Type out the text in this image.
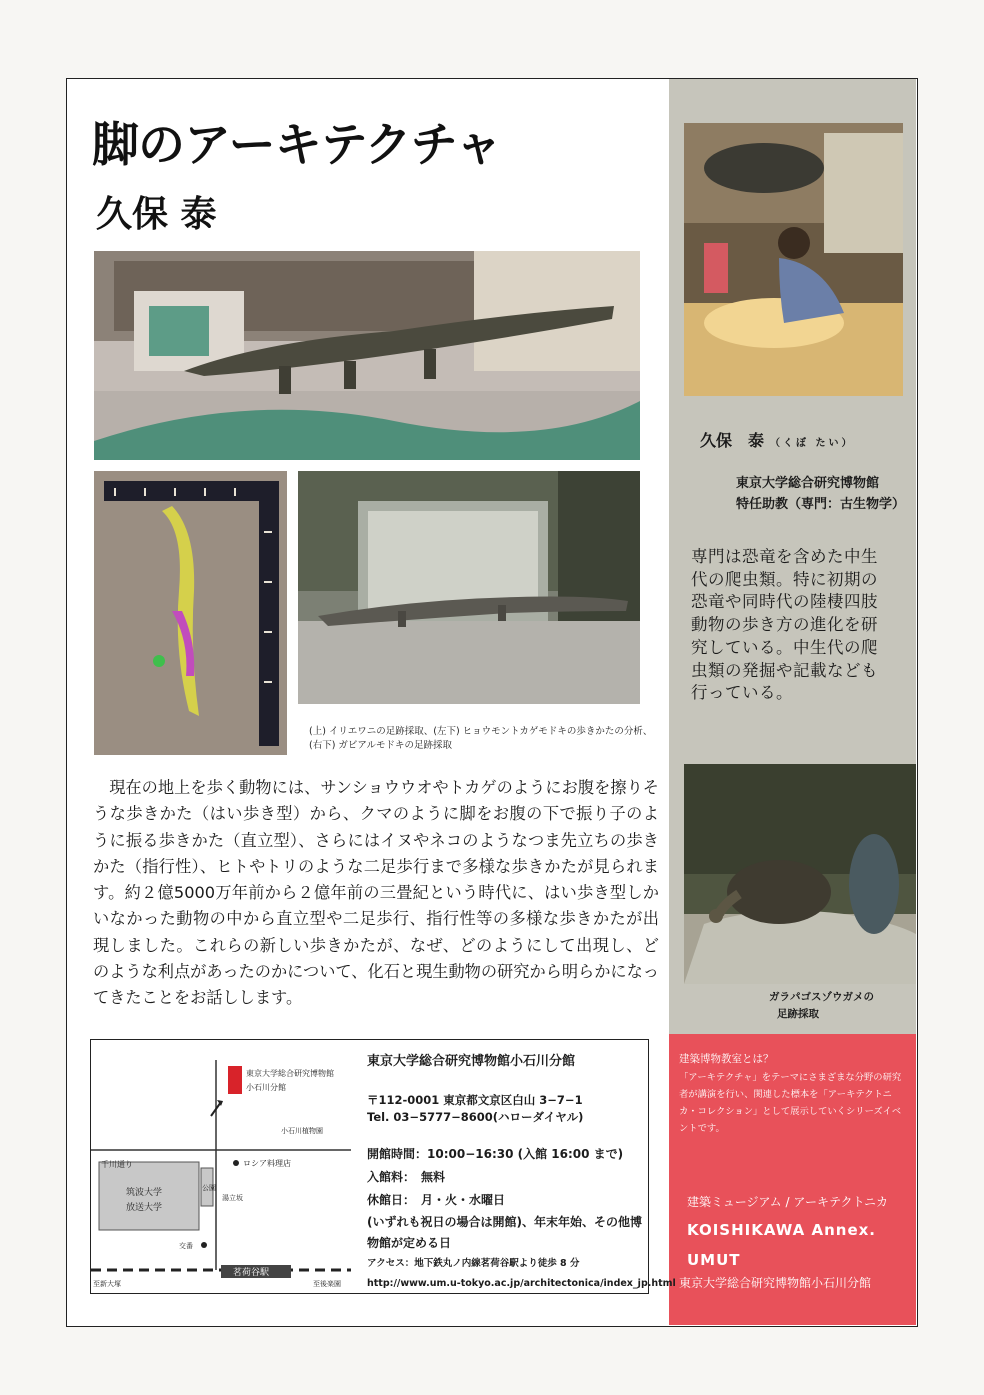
脚のアーキテクチャ
久保 泰
(上) イリエワニの足跡採取、(左下) ヒョウモントカゲモドキの歩きかたの分析、
(右下) ガビアルモドキの足跡採取
現在の地上を歩く動物には、サンショウウオやトカゲのようにお腹を擦りそうな歩きかた（はい歩き型）から、クマのように脚をお腹の下で振り子のように振る歩きかた（直立型）、さらにはイヌやネコのようなつま先立ちの歩きかた（指行性）、ヒトやトリのような二足歩行まで多様な歩きかたが見られます。約２億5000万年前から２億年前の三畳紀という時代に、はい歩き型しかいなかった動物の中から直立型や二足歩行、指行性等の多様な歩きかたが出現しました。これらの新しい歩きかたが、なぜ、どのようにして出現し、どのような利点があったのかについて、化石と現生動物の研究から明らかになってきたことをお話しします。
久保　泰 （くぼ たい）
東京大学総合研究博物館
特任助教（専門：古生物学）
専門は恐竜を含めた中生代の爬虫類。特に初期の恐竜や同時代の陸棲四肢動物の歩き方の進化を研究している。中生代の爬虫類の発掘や記載なども行っている。
ガラパゴスゾウガメの
足跡採取
建築博物教室とは？
「アーキテクチャ」をテーマにさまざまな分野の研究者が講演を行い、関連した標本を「アーキテクトニカ・コレクション」として展示していくシリーズイベントです。
建築ミュージアム / アーキテクトニカ
KOISHIKAWA Annex.
UMUT
東京大学総合研究博物館小石川分館
東京大学総合研究博物館
小石川分館
小石川植物園
ロシア料理店
千川通り
筑波大学
放送大学
公園
湯立坂
交番
茗荷谷駅
至新大塚	至後楽園
東京大学総合研究博物館小石川分館
〒112-0001 東京都文京区白山 3−7−1
Tel. 03−5777−8600(ハローダイヤル)
開館時間：10:00−16:30 (入館 16:00 まで)
入館料：　無料
休館日：　月・火・水曜日
(いずれも祝日の場合は開館)、年末年始、その他博物館が定める日
アクセス：地下鉄丸ノ内線茗荷谷駅より徒歩 8 分
http://www.um.u-tokyo.ac.jp/architectonica/index_jp.html
